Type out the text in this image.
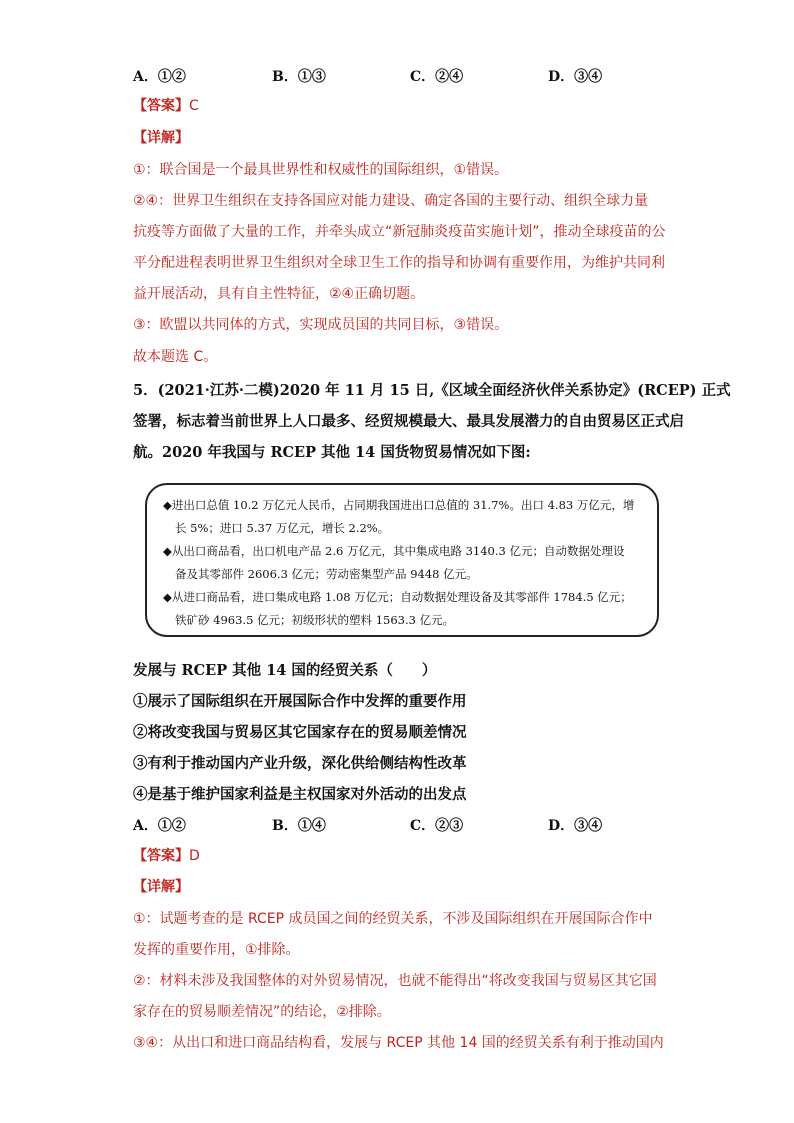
A．①②	B．①③	C．②④	D．③④
【答案】C
【详解】
①：联合国是一个最具世界性和权威性的国际组织，①错误。
②④：世界卫生组织在支持各国应对能力建设、确定各国的主要行动、组织全球力量
抗疫等方面做了大量的工作，并牵头成立“新冠肺炎疫苗实施计划”，推动全球疫苗的公
平分配进程表明世界卫生组织对全球卫生工作的指导和协调有重要作用，为维护共同利
益开展活动，具有自主性特征，②④正确切题。
③：欧盟以共同体的方式，实现成员国的共同目标，③错误。
故本题选 C。
5．(2021·江苏·二模)2020 年 11 月 15 日,《区域全面经济伙伴关系协定》(RCEP) 正式
签署，标志着当前世界上人口最多、经贸规模最大、最具发展潜力的自由贸易区正式启
航。2020 年我国与 RCEP 其他 14 国货物贸易情况如下图:
◆进出口总值 10.2 万亿元人民币，占同期我国进出口总值的 31.7%。出口 4.83 万亿元，增
长 5%；进口 5.37 万亿元，增长 2.2%。
◆从出口商品看，出口机电产品 2.6 万亿元，其中集成电路 3140.3 亿元；自动数据处理设
备及其零部件 2606.3 亿元；劳动密集型产品 9448 亿元。
◆从进口商品看，进口集成电路 1.08 万亿元；自动数据处理设备及其零部件 1784.5 亿元；
铁矿砂 4963.5 亿元；初级形状的塑料 1563.3 亿元。
发展与 RCEP 其他 14 国的经贸关系（　　）
①展示了国际组织在开展国际合作中发挥的重要作用
②将改变我国与贸易区其它国家存在的贸易顺差情况
③有利于推动国内产业升级，深化供给侧结构性改革
④是基于维护国家利益是主权国家对外活动的出发点
A．①②	B．①④	C．②③	D．③④
【答案】D
【详解】
①：试题考查的是 RCEP 成员国之间的经贸关系，不涉及国际组织在开展国际合作中
发挥的重要作用，①排除。
②：材料未涉及我国整体的对外贸易情况，也就不能得出“将改变我国与贸易区其它国
家存在的贸易顺差情况”的结论，②排除。
③④：从出口和进口商品结构看，发展与 RCEP 其他 14 国的经贸关系有利于推动国内
